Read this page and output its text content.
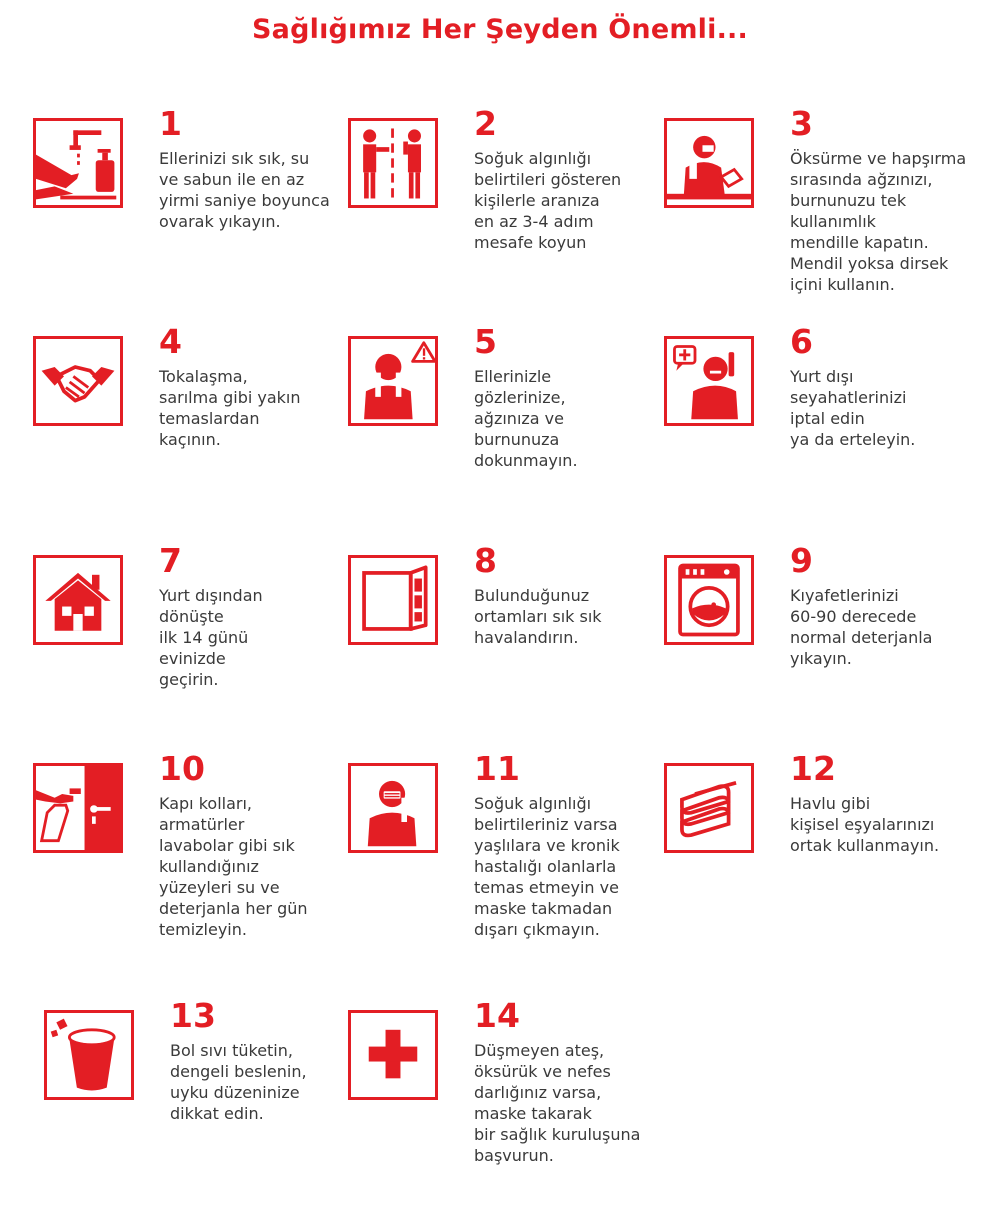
Sağlığımız Her Şeyden Önemli...
1
Ellerinizi sık sık, su
ve sabun ile en az
yirmi saniye boyunca
ovarak yıkayın.
2
Soğuk algınlığı
belirtileri gösteren
kişilerle aranıza
en az 3-4 adım
mesafe koyun
3
Öksürme ve hapşırma
sırasında ağzınızı,
burnunuzu tek
kullanımlık
mendille kapatın.
Mendil yoksa dirsek
içini kullanın.
4
Tokalaşma,
sarılma gibi yakın
temaslardan
kaçının.
5
Ellerinizle
gözlerinize,
ağzınıza ve
burnunuza
dokunmayın.
6
Yurt dışı
seyahatlerinizi
iptal edin
ya da erteleyin.
7
Yurt dışından
dönüşte
ilk 14 günü
evinizde
geçirin.
8
Bulunduğunuz
ortamları sık sık
havalandırın.
9
Kıyafetlerinizi
60-90 derecede
normal deterjanla
yıkayın.
10
Kapı kolları,
armatürler
lavabolar gibi sık
kullandığınız
yüzeyleri su ve
deterjanla her gün
temizleyin.
11
Soğuk algınlığı
belirtileriniz varsa
yaşlılara ve kronik
hastalığı olanlarla
temas etmeyin ve
maske takmadan
dışarı çıkmayın.
12
Havlu gibi
kişisel eşyalarınızı
ortak kullanmayın.
13
Bol sıvı tüketin,
dengeli beslenin,
uyku düzeninize
dikkat edin.
14
Düşmeyen ateş,
öksürük ve nefes
darlığınız varsa,
maske takarak
bir sağlık kuruluşuna
başvurun.
